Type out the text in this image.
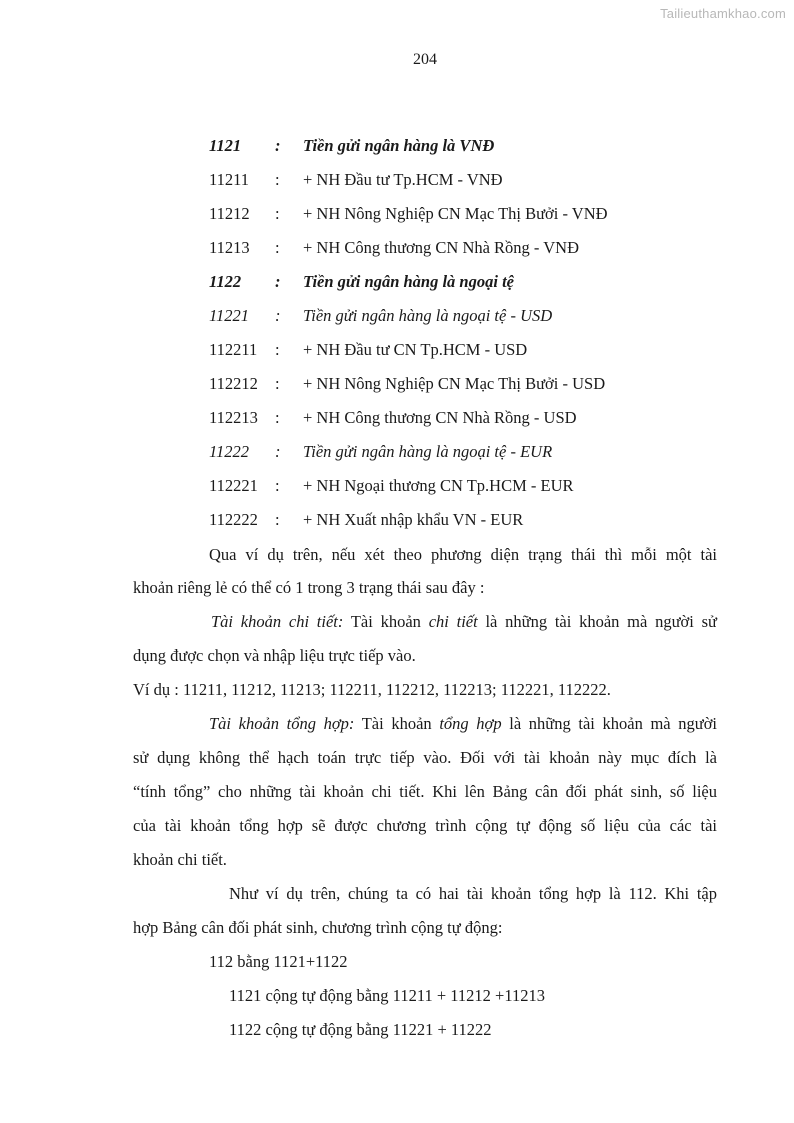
Tailieuthamkhao.com
204
1121 : Tiền gửi ngân hàng là VNĐ
11211 : + NH Đầu tư Tp.HCM - VNĐ
11212 : + NH Nông Nghiệp CN Mạc Thị Bưởi - VNĐ
11213 : + NH Công thương CN Nhà Rồng - VNĐ
1122 : Tiền gửi ngân hàng là ngoại tệ
11221 : Tiền gửi ngân hàng là ngoại tệ - USD
112211 : + NH Đầu tư CN Tp.HCM - USD
112212 : + NH Nông Nghiệp CN Mạc Thị Bưởi - USD
112213 : + NH Công thương CN Nhà Rồng - USD
11222 : Tiền gửi ngân hàng là ngoại tệ - EUR
112221 : + NH Ngoại thương CN Tp.HCM - EUR
112222 : + NH Xuất nhập khẩu VN - EUR
Qua ví dụ trên, nếu xét theo phương diện trạng thái thì mỗi một tài
khoản riêng lẻ có thể có 1 trong 3 trạng thái sau đây :
Tài khoản chi tiết: Tài khoản chi tiết là những tài khoản mà người sử
dụng được chọn và nhập liệu trực tiếp vào.
Ví dụ : 11211, 11212, 11213; 112211, 112212, 112213; 112221, 112222.
Tài khoản tổng hợp: Tài khoản tổng hợp là những tài khoản mà người
sử dụng không thể hạch toán trực tiếp vào. Đối với tài khoản này mục đích là
“tính tổng” cho những tài khoản chi tiết. Khi lên Bảng cân đối phát sinh, số liệu
của tài khoản tổng hợp sẽ được chương trình cộng tự động số liệu của các tài
khoản chi tiết.
Như ví dụ trên, chúng ta có hai tài khoản tổng hợp là 112. Khi tập
hợp Bảng cân đối phát sinh, chương trình cộng tự động:
112 bằng 1121+1122
1121 cộng tự động bằng 11211 + 11212 +11213
1122 cộng tự động bằng 11221 + 11222
